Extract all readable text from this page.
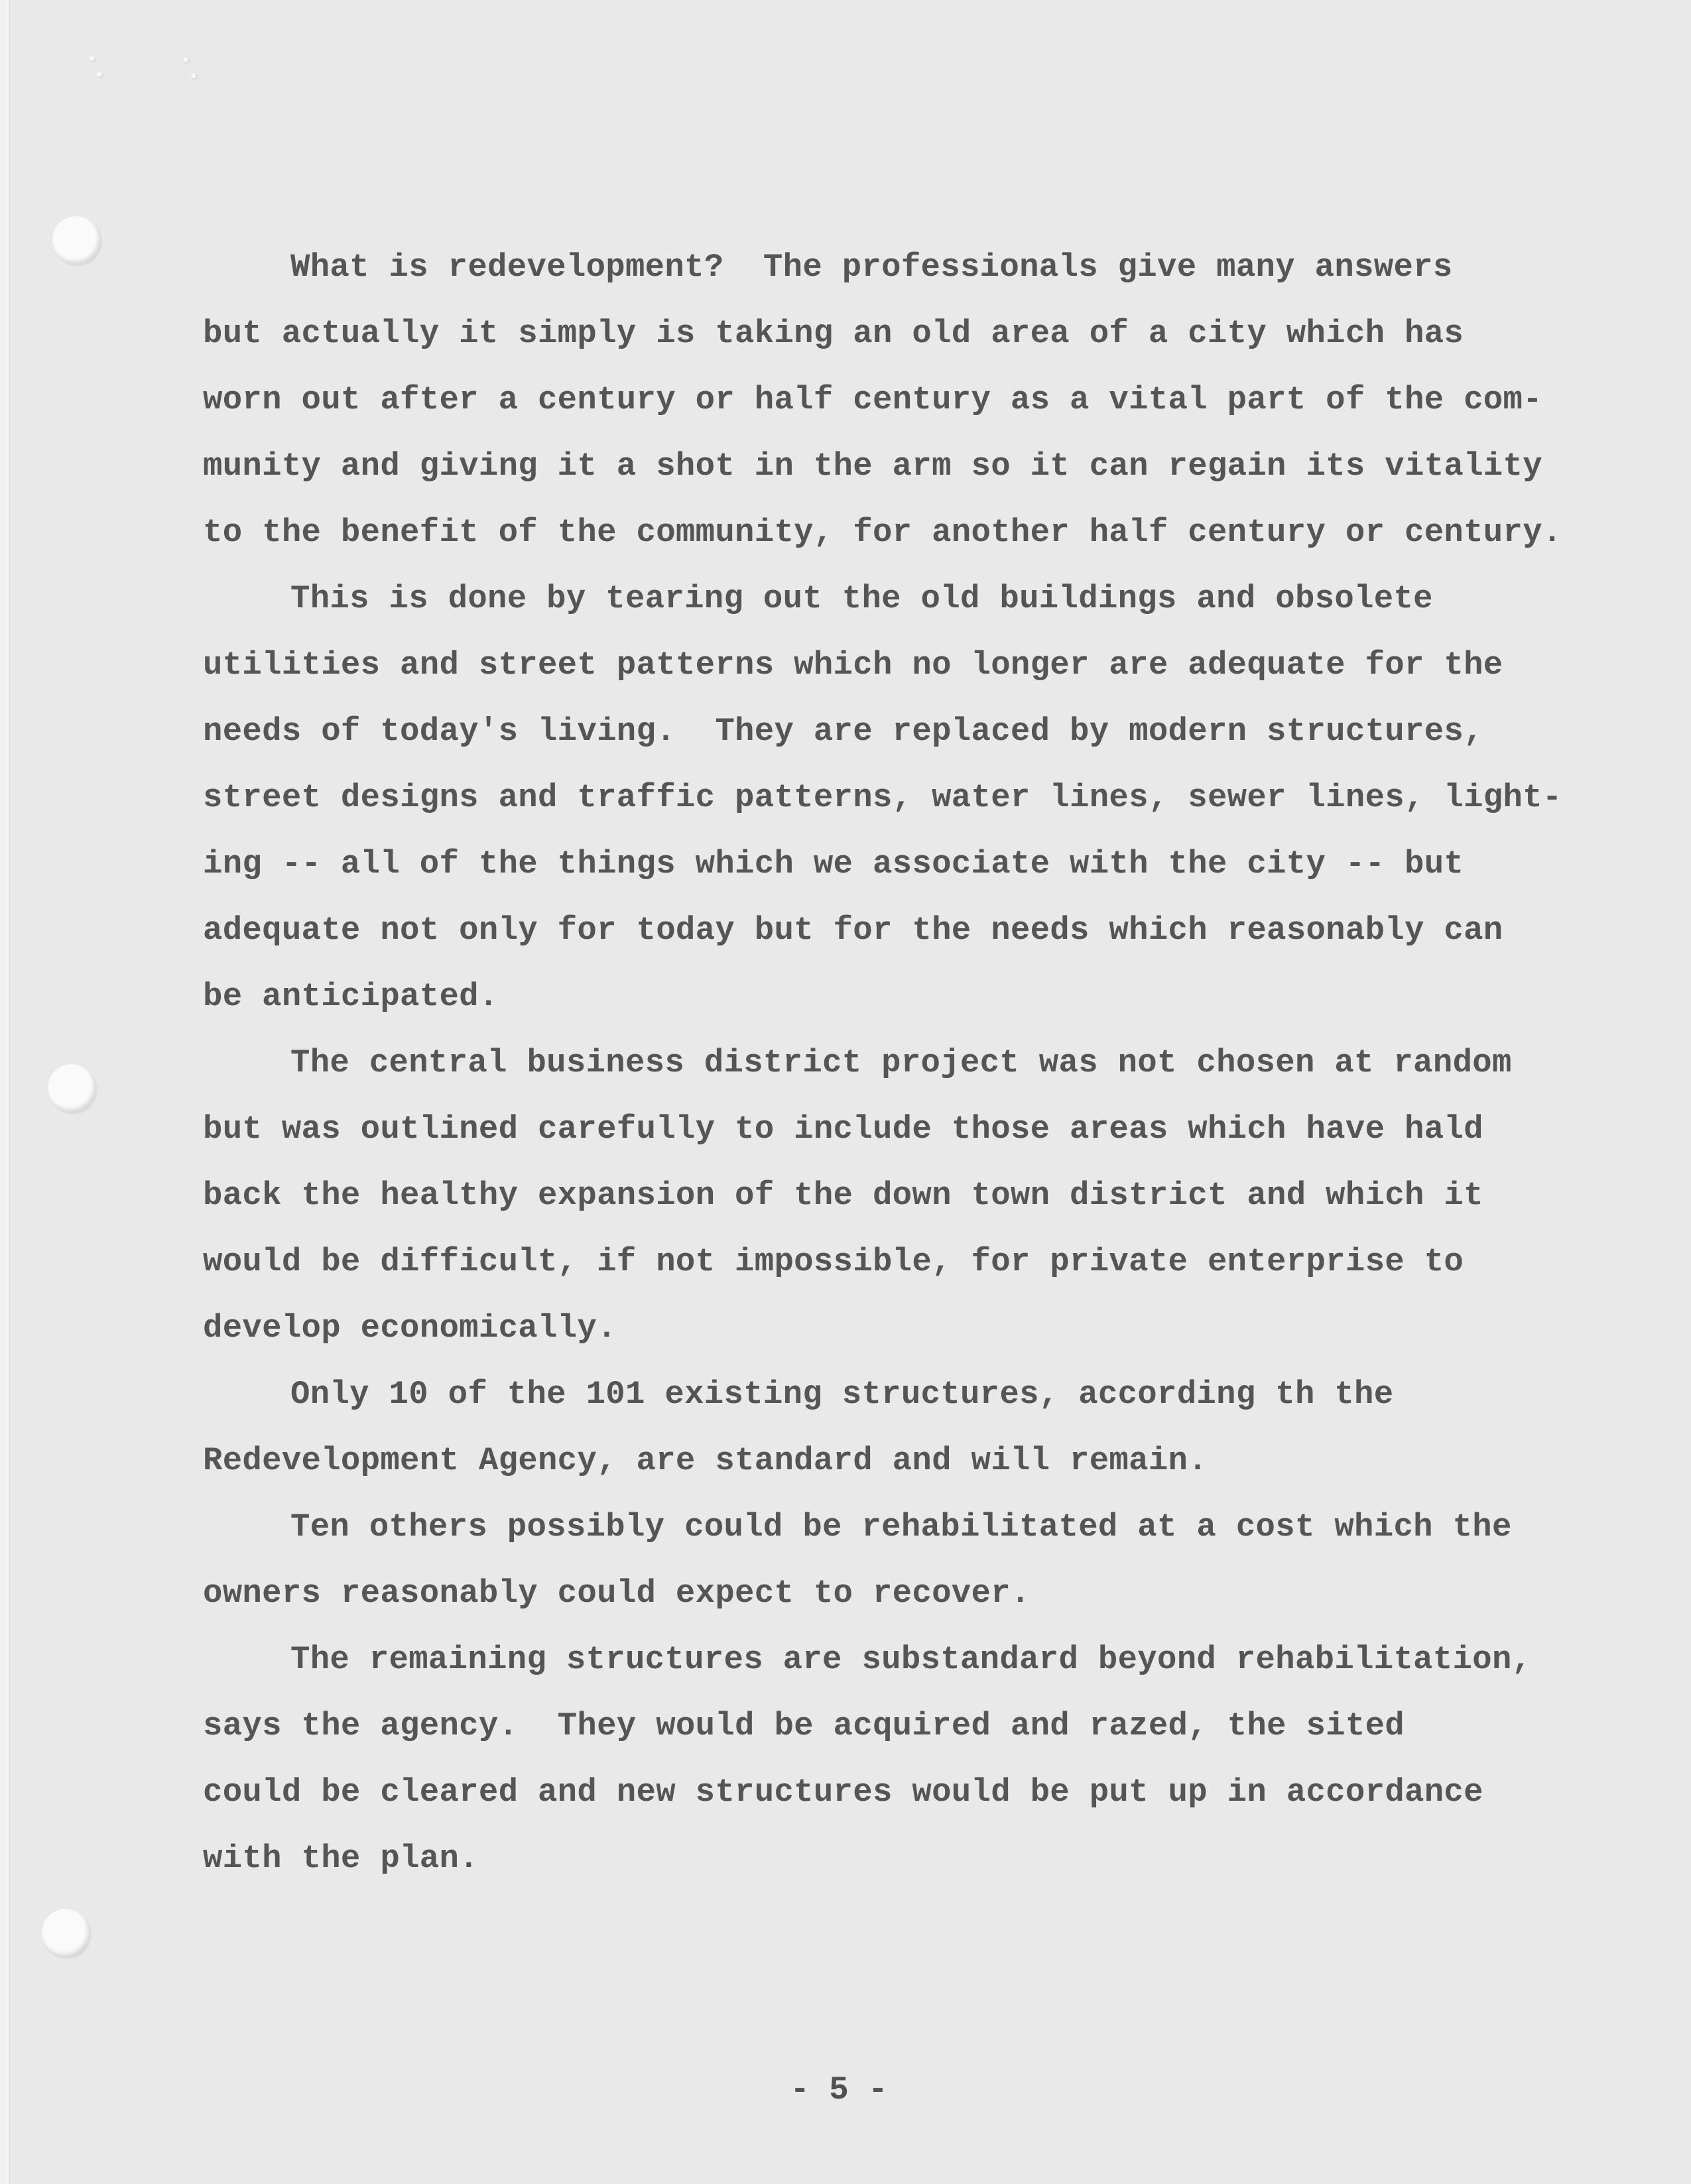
What is redevelopment?  The professionals give many answers
but actually it simply is taking an old area of a city which has
worn out after a century or half century as a vital part of the com-
munity and giving it a shot in the arm so it can regain its vitality
to the benefit of the community, for another half century or century.
This is done by tearing out the old buildings and obsolete
utilities and street patterns which no longer are adequate for the
needs of today's living.  They are replaced by modern structures,
street designs and traffic patterns, water lines, sewer lines, light-
ing -- all of the things which we associate with the city -- but
adequate not only for today but for the needs which reasonably can
be anticipated.
The central business district project was not chosen at random
but was outlined carefully to include those areas which have hald
back the healthy expansion of the down town district and which it
would be difficult, if not impossible, for private enterprise to
develop economically.
Only 10 of the 101 existing structures, according th the
Redevelopment Agency, are standard and will remain.
Ten others possibly could be rehabilitated at a cost which the
owners reasonably could expect to recover.
The remaining structures are substandard beyond rehabilitation,
says the agency.  They would be acquired and razed, the sited
could be cleared and new structures would be put up in accordance
with the plan.
- 5 -
